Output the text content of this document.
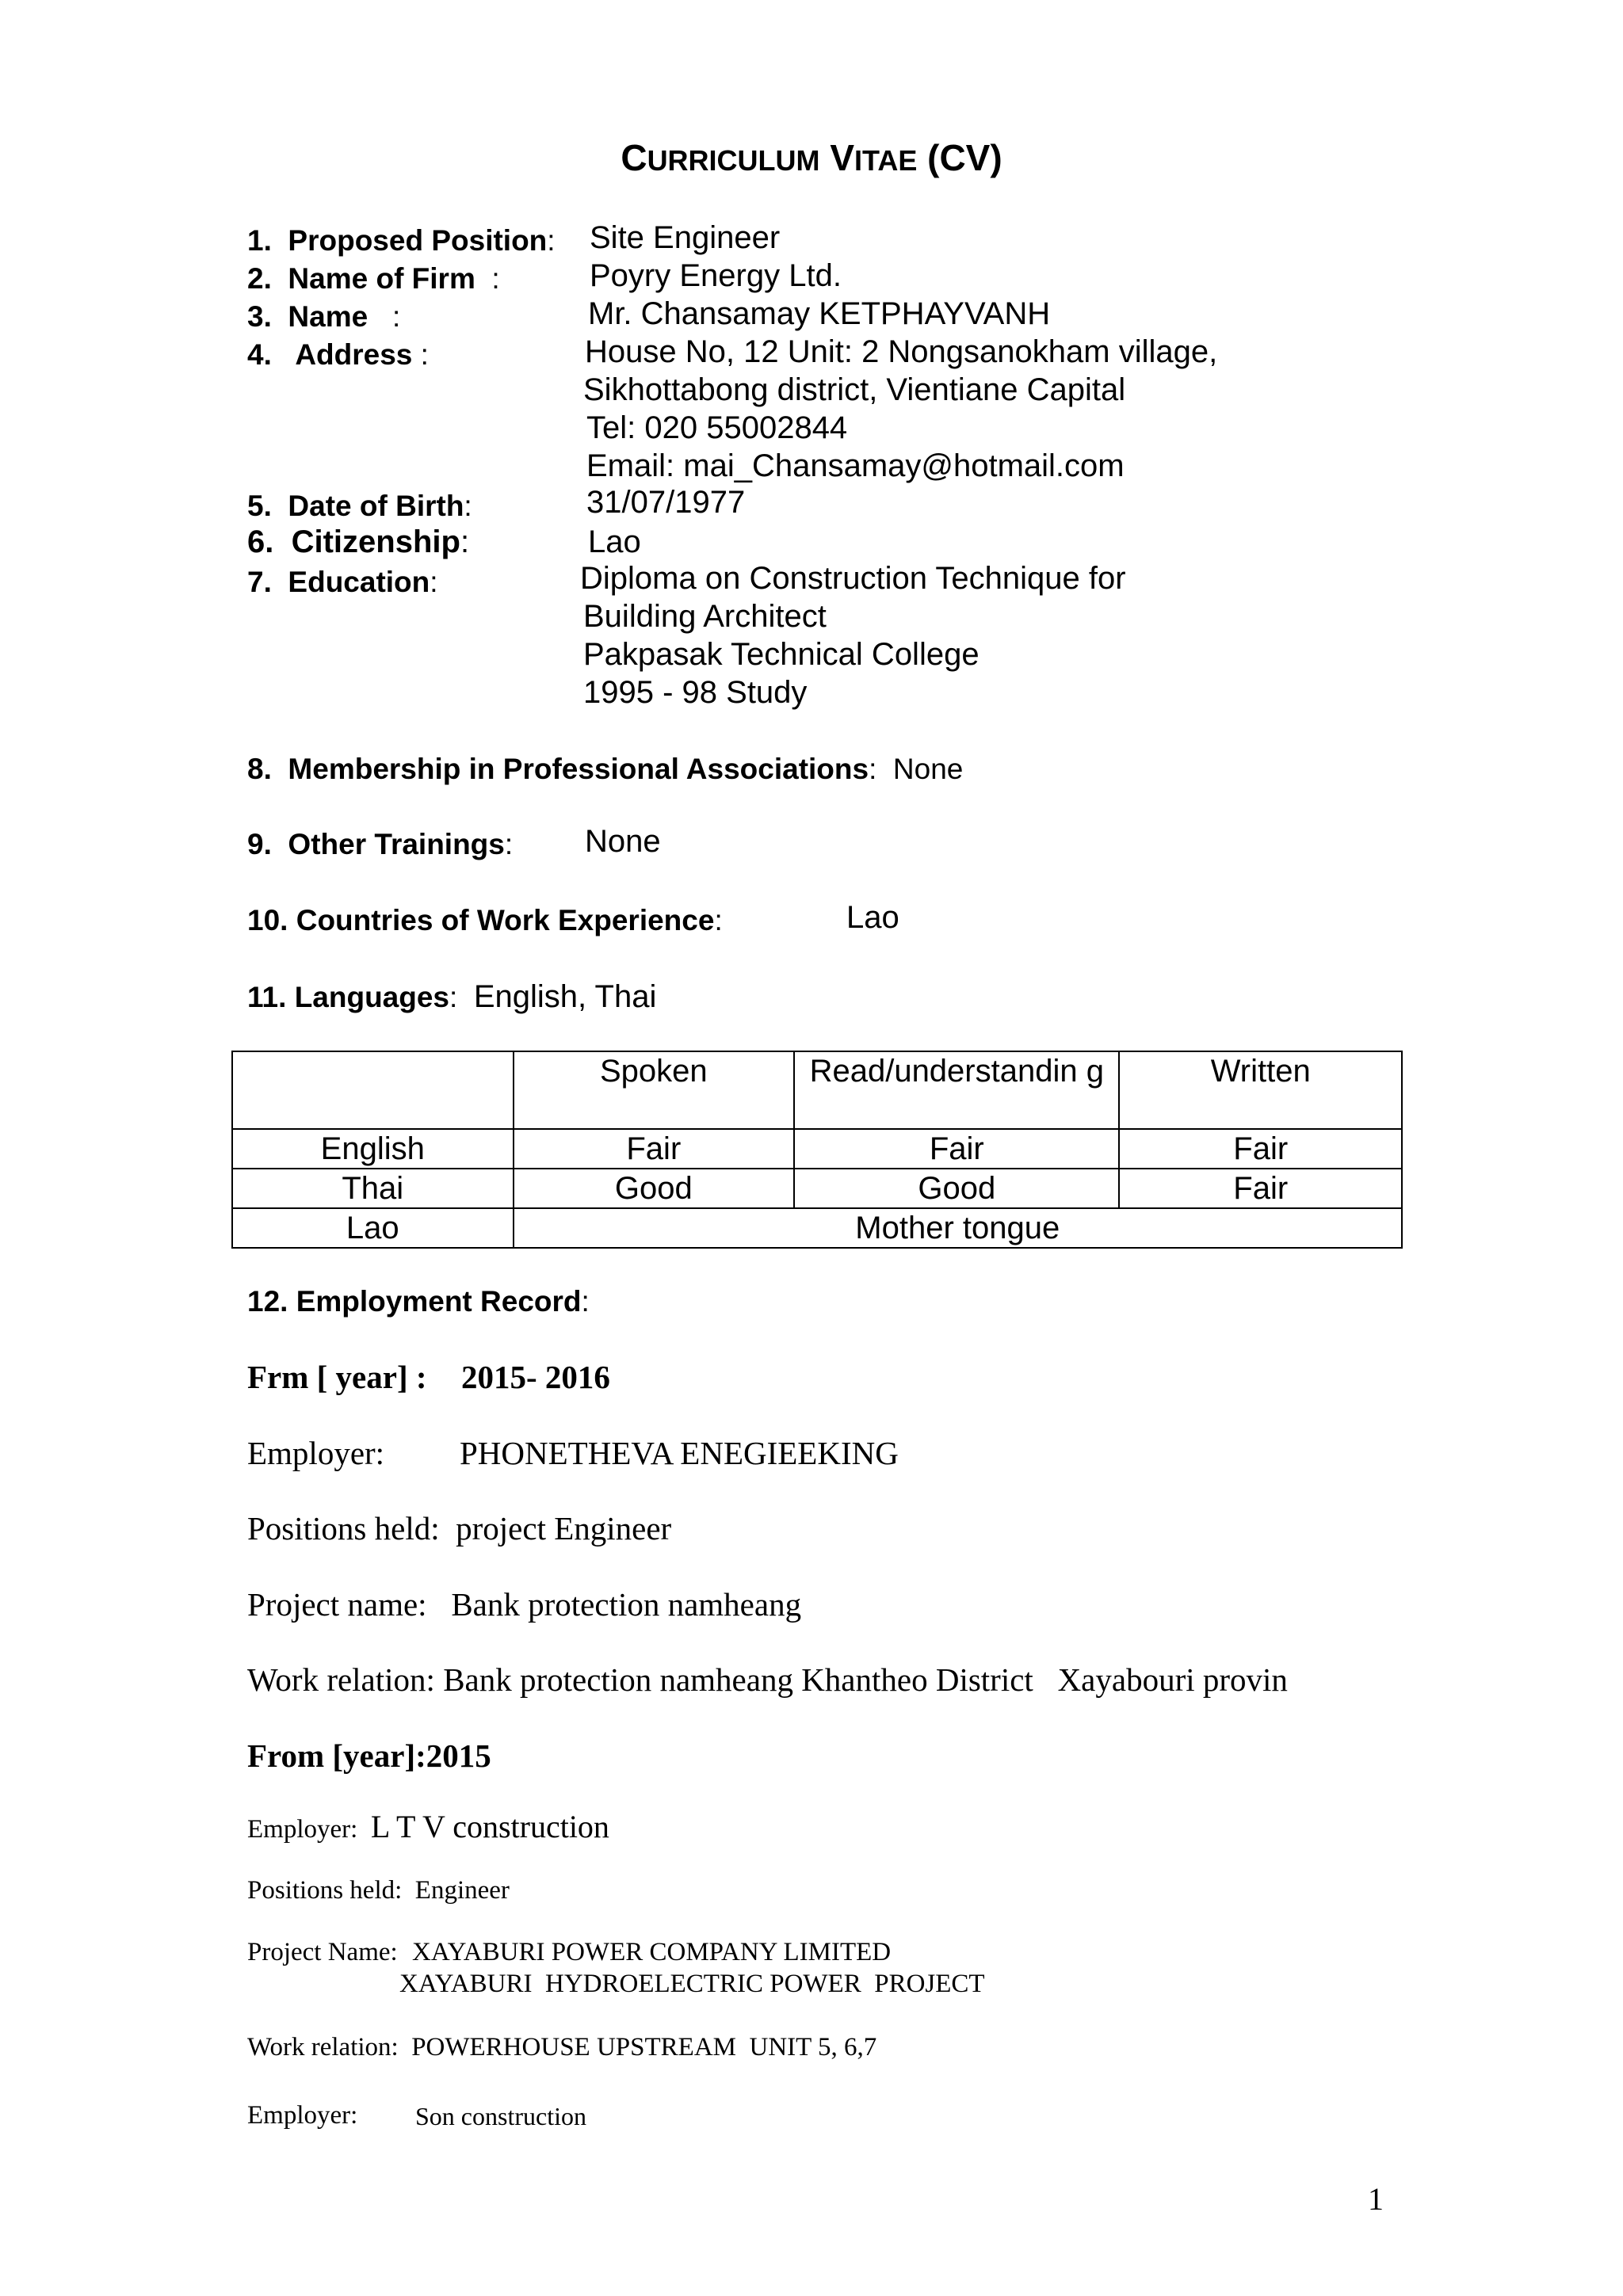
CURRICULUM VITAE (CV)
1. Proposed Position: Site Engineer
2. Name of Firm :	Poyry Energy Ltd.
3. Name :	Mr. Chansamay KETPHAYVANH
4. Address :	House No, 12 Unit: 2 Nongsanokham village,
Sikhottabong district, Vientiane Capital
Tel: 020 55002844
Email: mai_Chansamay@hotmail.com
5. Date of Birth:	31/07/1977
6. Citizenship:	Lao
7. Education:	Diploma on Construction Technique for
Building Architect
Pakpasak Technical College
1995 - 98 Study
8. Membership in Professional Associations: None
9. Other Trainings: None
10. Countries of Work Experience:	Lao
11. Languages: English, Thai
	Spoken	Read/understandin g	Written
English	Fair	Fair	Fair
Thai	Good	Good	Fair
Lao	Mother tongue		
12. Employment Record:
Frm [ year] : 2015- 2016
Employer: PHONETHEVA ENEGIEEKING
Positions held: project Engineer
Project name: Bank protection namheang
Work relation: Bank protection namheang Khantheo District   Xayabouri provin
From [year]:2015
Employer: L T V construction
Positions held: Engineer
Project Name: XAYABURI POWER COMPANY LIMITED
XAYABURI  HYDROELECTRIC POWER  PROJECT
Work relation: POWERHOUSE UPSTREAM  UNIT 5, 6,7
Employer: Son construction
1
